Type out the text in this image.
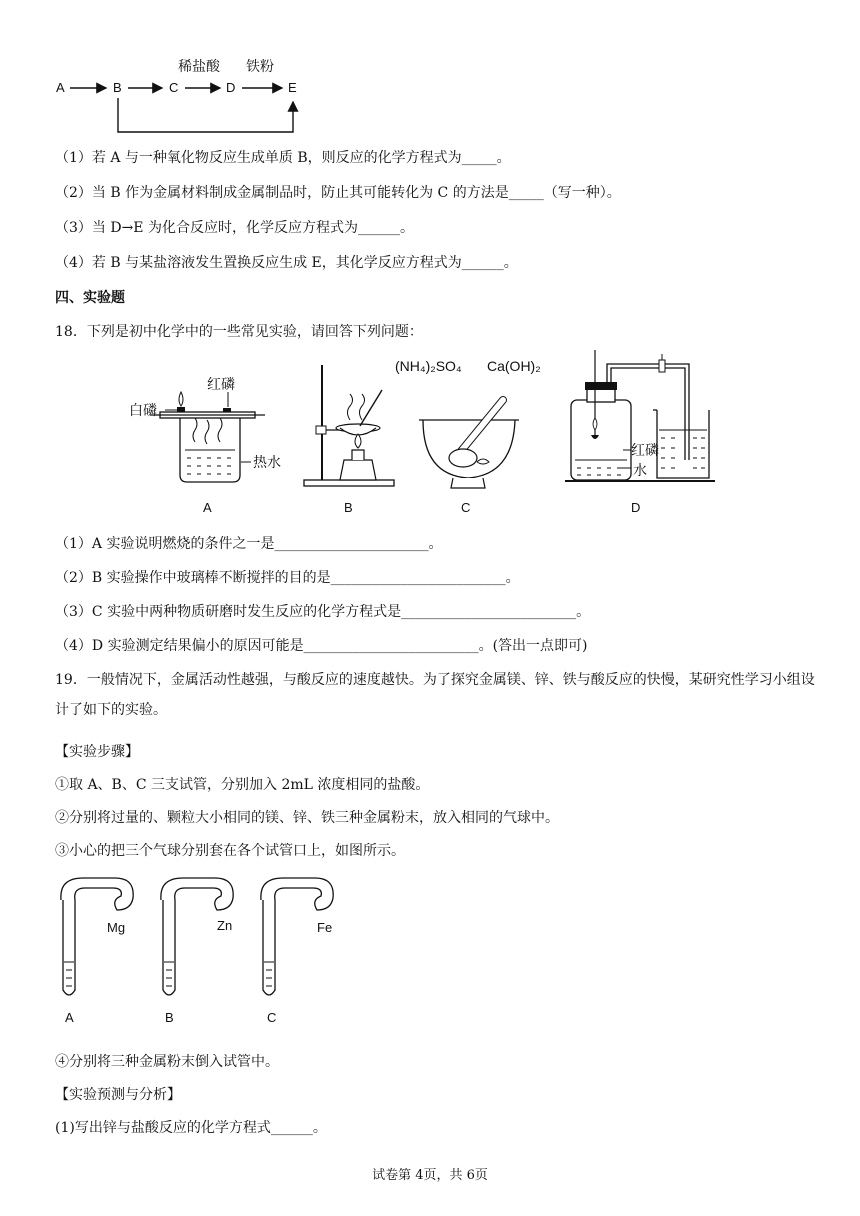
A	B	C	D	E
稀盐酸 铁粉
（1）若 A 与一种氧化物反应生成单质 B，则反应的化学方程式为_____。
（2）当 B 作为金属材料制成金属制品时，防止其可能转化为 C 的方法是_____（写一种）。
（3）当 D→E 为化合反应时，化学反应方程式为______。
（4）若 B 与某盐溶液发生置换反应生成 E，其化学反应方程式为______。
四、实验题
18．下列是初中化学中的一些常见实验，请回答下列问题：
白磷
红磷
热水
A	B
(NH₄)₂SO₄ Ca(OH)₂
C
红磷
水
D
（1）A 实验说明燃烧的条件之一是______________________。
（2）B 实验操作中玻璃棒不断搅拌的目的是_________________________。
（3）C 实验中两种物质研磨时发生反应的化学方程式是_________________________。
（4）D 实验测定结果偏小的原因可能是_________________________。(答出一点即可)
19．一般情况下，金属活动性越强，与酸反应的速度越快。为了探究金属镁、锌、铁与酸反应的快慢，某研究性学习小组设计了如下的实验。
【实验步骤】
①取 A、B、C 三支试管，分别加入 2mL 浓度相同的盐酸。
②分别将过量的、颗粒大小相同的镁、锌、铁三种金属粉末，放入相同的气球中。
③小心的把三个气球分别套在各个试管口上，如图所示。
Mg	Zn	Fe
A	B	C
④分别将三种金属粉末倒入试管中。
【实验预测与分析】
(1)写出锌与盐酸反应的化学方程式______。
试卷第 4页，共 6页
